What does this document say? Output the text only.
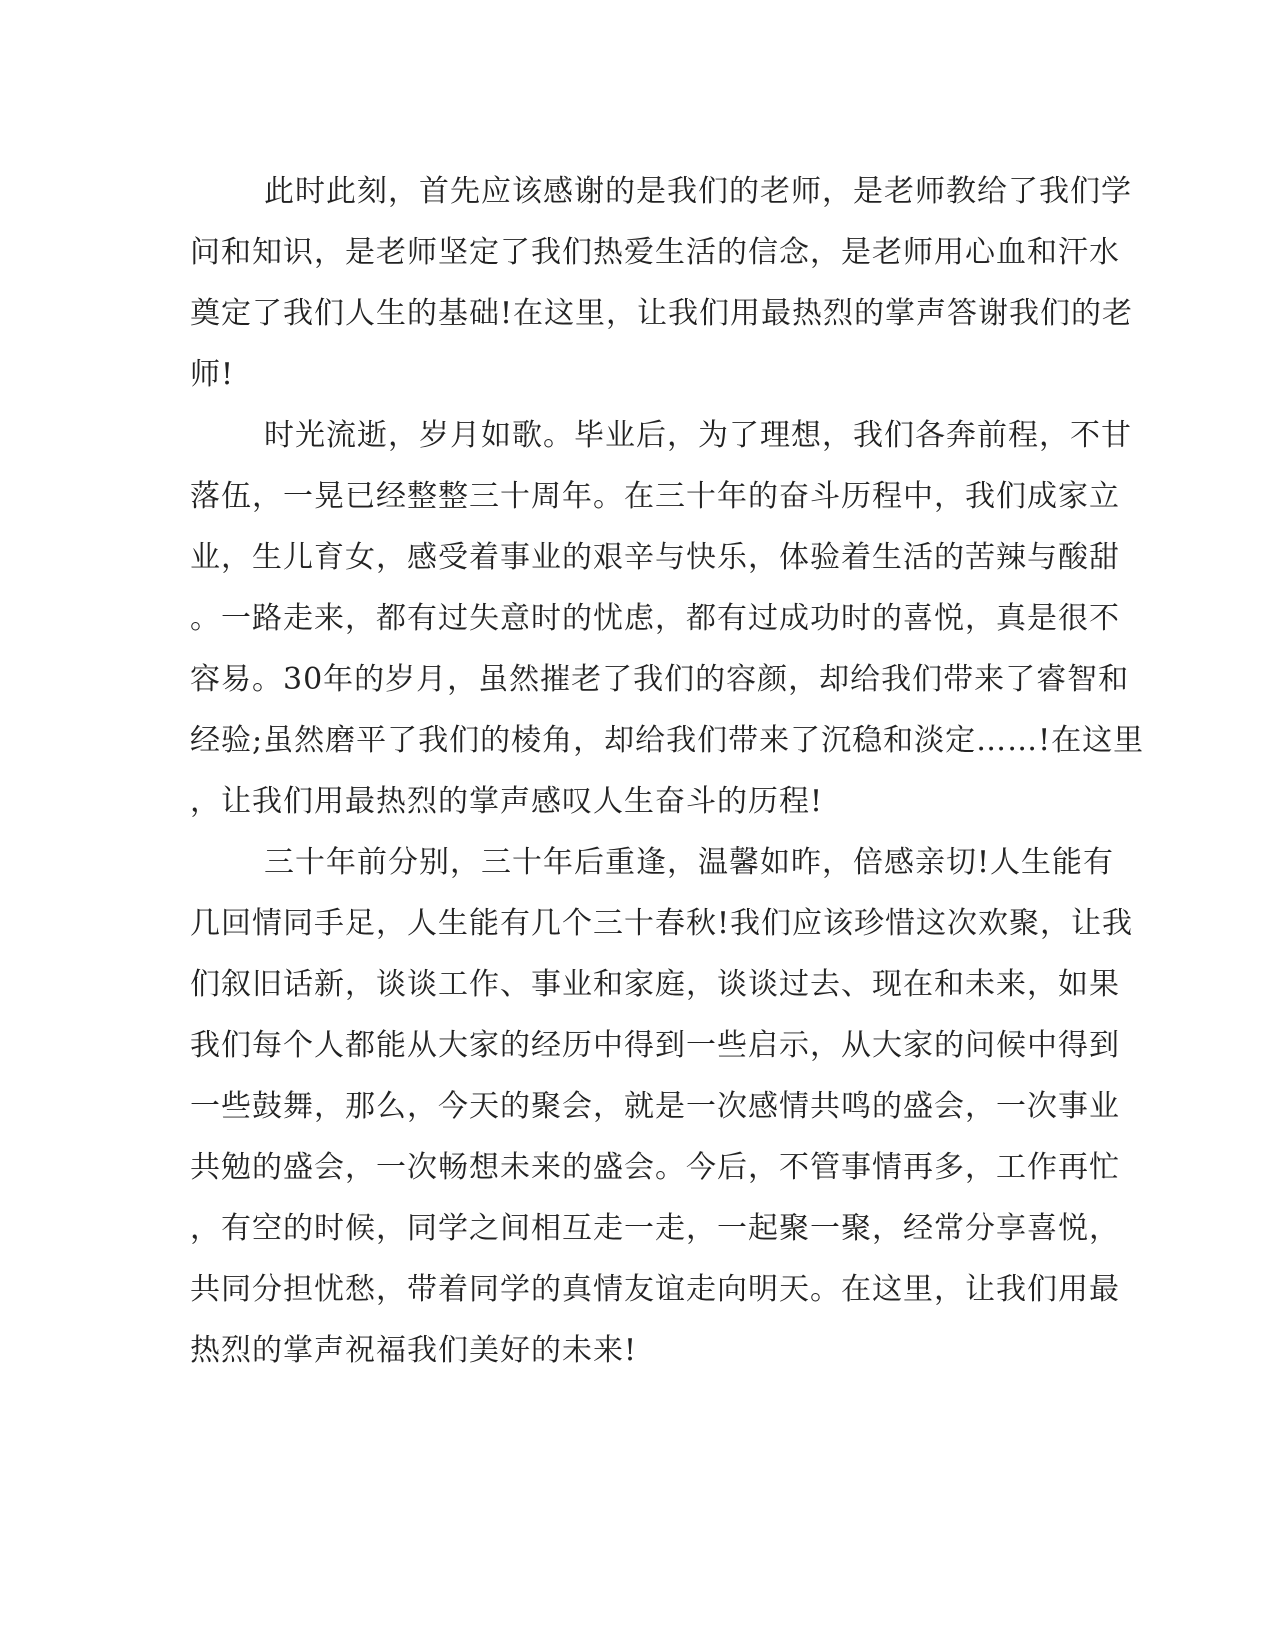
此时此刻，首先应该感谢的是我们的老师，是老师教给了我们学
问和知识，是老师坚定了我们热爱生活的信念，是老师用心血和汗水
奠定了我们人生的基础!在这里，让我们用最热烈的掌声答谢我们的老
师!
时光流逝，岁月如歌。毕业后，为了理想，我们各奔前程，不甘
落伍，一晃已经整整三十周年。在三十年的奋斗历程中，我们成家立
业，生儿育女，感受着事业的艰辛与快乐，体验着生活的苦辣与酸甜
。一路走来，都有过失意时的忧虑，都有过成功时的喜悦，真是很不
容易。30年的岁月，虽然摧老了我们的容颜，却给我们带来了睿智和
经验;虽然磨平了我们的棱角，却给我们带来了沉稳和淡定……!在这里
，让我们用最热烈的掌声感叹人生奋斗的历程!
三十年前分别，三十年后重逢，温馨如昨，倍感亲切!人生能有
几回情同手足，人生能有几个三十春秋!我们应该珍惜这次欢聚，让我
们叙旧话新，谈谈工作、事业和家庭，谈谈过去、现在和未来，如果
我们每个人都能从大家的经历中得到一些启示，从大家的问候中得到
一些鼓舞，那么，今天的聚会，就是一次感情共鸣的盛会，一次事业
共勉的盛会，一次畅想未来的盛会。今后，不管事情再多，工作再忙
，有空的时候，同学之间相互走一走，一起聚一聚，经常分享喜悦，
共同分担忧愁，带着同学的真情友谊走向明天。在这里，让我们用最
热烈的掌声祝福我们美好的未来!
